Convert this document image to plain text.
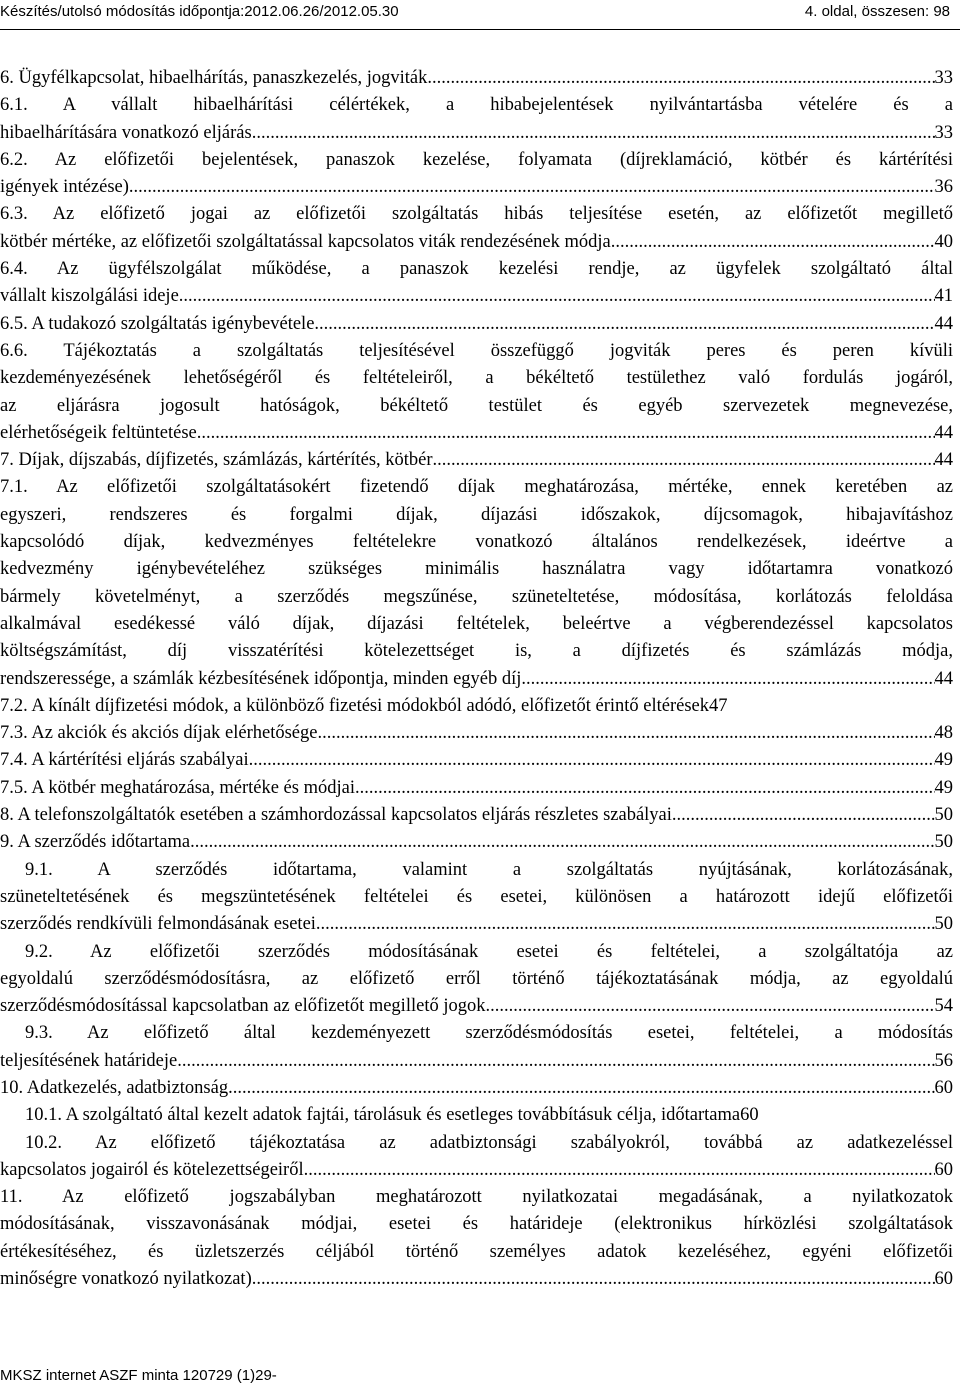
Készítés/utolsó módosítás időpontja:2012.06.26/2012.05.30	4. oldal, összesen: 98
6. Ügyfélkapcsolat, hibaelhárítás, panaszkezelés, jogviták .....	33
6.1. A vállalt hibaelhárítási célértékek, a hibabejelentések nyilvántartásba vételére és a
hibaelhárítására vonatkozó eljárás .....	33
6.2. Az előfizetői bejelentések, panaszok kezelése, folyamata (díjreklamáció, kötbér és kártérítési
igények intézése) .....	36
6.3. Az előfizető jogai az előfizetői szolgáltatás hibás teljesítése esetén, az előfizetőt megillető
kötbér mértéke, az előfizetői szolgáltatással kapcsolatos viták rendezésének módja .....	40
6.4. Az ügyfélszolgálat működése, a panaszok kezelési rendje, az ügyfelek szolgáltató által
vállalt kiszolgálási ideje .....	41
6.5. A tudakozó szolgáltatás igénybevétele .....	44
6.6. Tájékoztatás a szolgáltatás teljesítésével összefüggő jogviták peres és peren kívüli
kezdeményezésének lehetőségéről és feltételeiről, a békéltető testülethez való fordulás jogáról,
az eljárásra jogosult hatóságok, békéltető testület és egyéb szervezetek megnevezése,
elérhetőségeik feltüntetése .....	44
7. Díjak, díjszabás, díjfizetés, számlázás, kártérítés, kötbér .....	44
7.1. Az előfizetői szolgáltatásokért fizetendő díjak meghatározása, mértéke, ennek keretében az
egyszeri, rendszeres és forgalmi díjak, díjazási időszakok, díjcsomagok, hibajavításhoz
kapcsolódó díjak, kedvezményes feltételekre vonatkozó általános rendelkezések, ideértve a
kedvezmény igénybevételéhez szükséges minimális használatra vagy időtartamra vonatkozó
bármely követelményt, a szerződés megszűnése, szüneteltetése, módosítása, korlátozás feloldása
alkalmával esedékessé váló díjak, díjazási feltételek, beleértve a végberendezéssel kapcsolatos
költségszámítást, díj visszatérítési kötelezettséget is, a díjfizetés és számlázás módja,
rendszeressége, a számlák kézbesítésének időpontja, minden egyéb díj .....	44
7.2. A kínált díjfizetési módok, a különböző fizetési módokból adódó, előfizetőt érintő eltérések 47
7.3. Az akciók és akciós díjak elérhetősége .....	48
7.4. A kártérítési eljárás szabályai .....	49
7.5. A kötbér meghatározása, mértéke és módjai .....	49
8. A telefonszolgáltatók esetében a számhordozással kapcsolatos eljárás részletes szabályai .....	50
9. A szerződés időtartama .....	50
9.1. A szerződés időtartama, valamint a szolgáltatás nyújtásának, korlátozásának,
szüneteltetésének és megszüntetésének feltételei és esetei, különösen a határozott idejű előfizetői
szerződés rendkívüli felmondásának esetei .....	50
9.2. Az előfizetői szerződés módosításának esetei és feltételei, a szolgáltatója az
egyoldalú szerződésmódosításra, az előfizető erről történő tájékoztatásának módja, az egyoldalú
szerződésmódosítással kapcsolatban az előfizetőt megillető jogok .....	54
9.3. Az előfizető által kezdeményezett szerződésmódosítás esetei, feltételei, a módosítás
teljesítésének határideje .....	56
10. Adatkezelés, adatbiztonság .....	60
10.1. A szolgáltató által kezelt adatok fajtái, tárolásuk és esetleges továbbításuk célja, időtartama 60
10.2. Az előfizető tájékoztatása az adatbiztonsági szabályokról, továbbá az adatkezeléssel
kapcsolatos jogairól és kötelezettségeiről .....	60
11. Az előfizető jogszabályban meghatározott nyilatkozatai megadásának, a nyilatkozatok
módosításának, visszavonásának módjai, esetei és határideje (elektronikus hírközlési szolgáltatások
értékesítéséhez, és üzletszerzés céljából történő személyes adatok kezeléséhez, egyéni előfizetői
minőségre vonatkozó nyilatkozat) .....	60
MKSZ internet ASZF minta 120729 (1)29-
